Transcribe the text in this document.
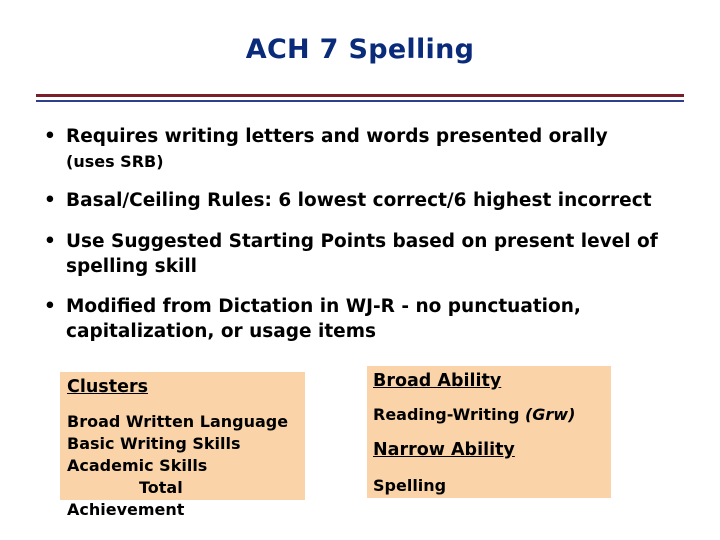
ACH 7 Spelling
• Requires writing letters and words presented orally
(uses SRB)
• Basal/Ceiling Rules: 6 lowest correct/6 highest incorrect
• Use Suggested Starting Points based on present level of
spelling skill
• Modified from Dictation in WJ-R - no punctuation,
capitalization, or usage items
Clusters
Broad Written Language
Basic Writing Skills
Academic Skills
Total
Achievement
Broad Ability
Reading-Writing (Grw)
Narrow Ability
Spelling
